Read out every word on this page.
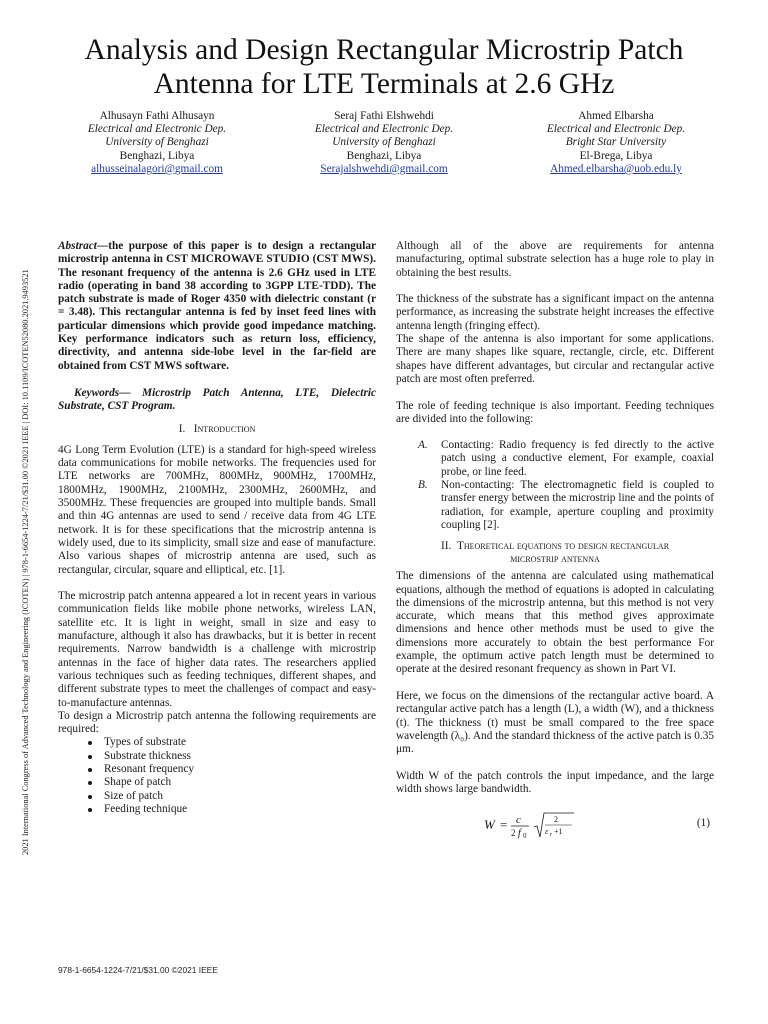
2021 International Congress of Advanced Technology and Engineering (ICOTEN) | 978-1-6654-1224-7/21/$31.00 ©2021 IEEE | DOI: 10.1109/ICOTEN52080.2021.9493521
Analysis and Design Rectangular Microstrip Patch
Antenna for LTE Terminals at 2.6 GHz
Alhusayn Fathi Alhusayn
Electrical and Electronic Dep.
University of Benghazi
Benghazi, Libya
alhusseinalagori@gmail.com
Seraj Fathi Elshwehdi
Electrical and Electronic Dep.
University of Benghazi
Benghazi, Libya
Serajalshwehdi@gmail.com
Ahmed Elbarsha
Electrical and Electronic Dep.
Bright Star University
El-Brega, Libya
Ahmed.elbarsha@uob.edu.ly

Abstract—the purpose of this paper is to design a rectangular microstrip antenna in CST MICROWAVE STUDIO (CST MWS). The resonant frequency of the antenna is 2.6 GHz used in LTE radio (operating in band 38 according to 3GPP LTE-TDD). The patch substrate is made of Roger 4350 with dielectric constant (r = 3.48). This rectangular antenna is fed by inset feed lines with particular dimensions which provide good impedance matching. Key performance indicators such as return loss, efficiency, directivity, and antenna side-lobe level in the far-field are obtained from CST MWS software.

Keywords— Microstrip Patch Antenna, LTE, Dielectric Substrate, CST Program.

I. Introduction

4G Long Term Evolution (LTE) is a standard for high-speed wireless data communications for mobile networks. The frequencies used for LTE networks are 700MHz, 800MHz, 900MHz, 1700MHz, 1800MHz, 1900MHz, 2100MHz, 2300MHz, 2600MHz, and 3500MHz. These frequencies are grouped into multiple bands. Small and thin 4G antennas are used to send / receive data from 4G LTE network. It is for these specifications that the microstrip antenna is widely used, due to its simplicity, small size and ease of manufacture. Also various shapes of microstrip antenna are used, such as rectangular, circular, square and elliptical, etc. [1].

The microstrip patch antenna appeared a lot in recent years in various communication fields like mobile phone networks, wireless LAN, satellite etc. It is light in weight, small in size and easy to manufacture, although it also has drawbacks, but it is better in recent requirements. Narrow bandwidth is a challenge with microstrip antennas in the face of higher data rates. The researchers applied various techniques such as feeding techniques, different shapes, and different substrate types to meet the challenges of compact and easy-to-manufacture antennas.

To design a Microstrip patch antenna the following requirements are required:

Types of substrate
Substrate thickness
Resonant frequency
Shape of patch
Size of patch
Feeding technique

Although all of the above are requirements for antenna manufacturing, optimal substrate selection has a huge role to play in obtaining the best results.

The thickness of the substrate has a significant impact on the antenna performance, as increasing the substrate height increases the effective antenna length (fringing effect).

The shape of the antenna is also important for some applications. There are many shapes like square, rectangle, circle, etc. Different shapes have different advantages, but circular and rectangular active patch are most often preferred.

The role of feeding technique is also important. Feeding techniques are divided into the following:

A. Contacting: Radio frequency is fed directly to the active patch using a conductive element, For example, coaxial probe, or line feed.
B. Non-contacting: The electromagnetic field is coupled to transfer energy between the microstrip line and the points of radiation, for example, aperture coupling and proximity coupling [2].
II. Theoretical equations to design rectangular
microstrip antenna

The dimensions of the antenna are calculated using mathematical equations, although the method of equations is adopted in calculating the dimensions of the microstrip antenna, but this method is not very accurate, which means that this method gives approximate dimensions and hence other methods must be used to give the dimensions more accurately to obtain the best performance For example, the optimum active patch length must be determined to operate at the desired resonant frequency as shown in Part VI.

Here, we focus on the dimensions of the rectangular active board. A rectangular active patch has a length (L), a width (W), and a thickness (t). The thickness (t) must be small compared to the free space wavelength (λ₀). And the standard thickness of the active patch is 0.35 μm.

Width W of the patch controls the input impedance, and the large width shows large bandwidth.

W = c
2 f 0
2
ε r +1
(1)
978-1-6654-1224-7/21/$31.00 ©2021 IEEE
